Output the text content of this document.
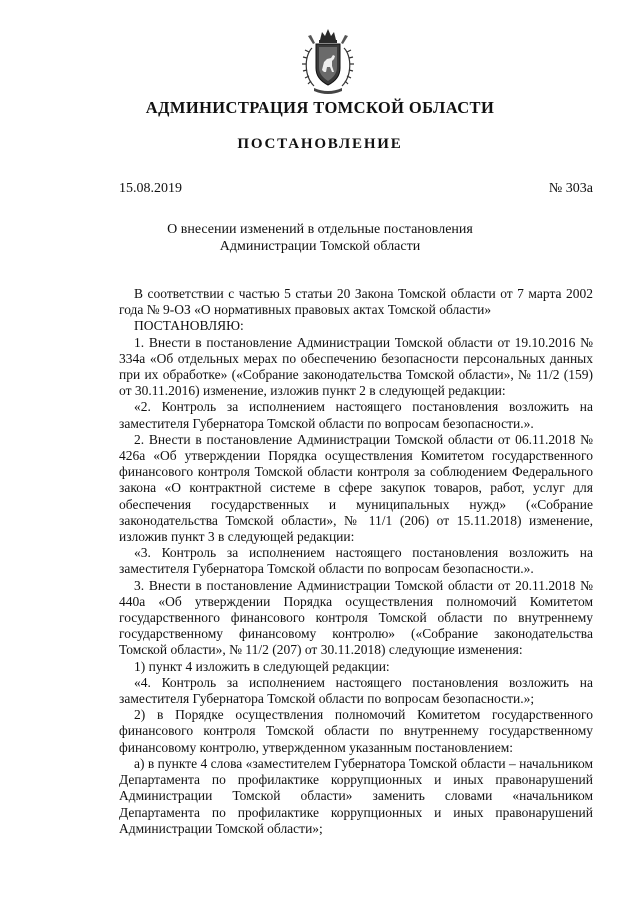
АДМИНИСТРАЦИЯ ТОМСКОЙ ОБЛАСТИ
ПОСТАНОВЛЕНИЕ
15.08.2019	№ 303а
О внесении изменений в отдельные постановления
Администрации Томской области

В соответствии с частью 5 статьи 20 Закона Томской области от 7 марта 2002 года № 9-ОЗ «О нормативных правовых актах Томской области»

ПОСТАНОВЛЯЮ:

1. Внести в постановление Администрации Томской области от 19.10.2016 № 334а «Об отдельных мерах по обеспечению безопасности персональных данных при их обработке» («Собрание законодательства Томской области», № 11/2 (159) от 30.11.2016) изменение, изложив пункт 2 в следующей редакции:

«2. Контроль за исполнением настоящего постановления возложить на заместителя Губернатора Томской области по вопросам безопасности.».

2. Внести в постановление Администрации Томской области от 06.11.2018 № 426а «Об утверждении Порядка осуществления Комитетом государственного финансового контроля Томской области контроля за соблюдением Федерального закона «О контрактной системе в сфере закупок товаров, работ, услуг для обеспечения государственных и муниципальных нужд» («Собрание законодательства Томской области», № 11/1 (206) от 15.11.2018) изменение, изложив пункт 3 в следующей редакции:

«3. Контроль за исполнением настоящего постановления возложить на заместителя Губернатора Томской области по вопросам безопасности.».

3. Внести в постановление Администрации Томской области от 20.11.2018 № 440а «Об утверждении Порядка осуществления полномочий Комитетом государственного финансового контроля Томской области по внутреннему государственному финансовому контролю» («Собрание законодательства Томской области», № 11/2 (207) от 30.11.2018) следующие изменения:

1) пункт 4 изложить в следующей редакции:

«4. Контроль за исполнением настоящего постановления возложить на заместителя Губернатора Томской области по вопросам безопасности.»;

2) в Порядке осуществления полномочий Комитетом государственного финансового контроля Томской области по внутреннему государственному финансовому контролю, утвержденном указанным постановлением:

а) в пункте 4 слова «заместителем Губернатора Томской области – начальником Департамента по профилактике коррупционных и иных правонарушений Администрации Томской области» заменить словами «начальником Департамента по профилактике коррупционных и иных правонарушений Администрации Томской области»;
